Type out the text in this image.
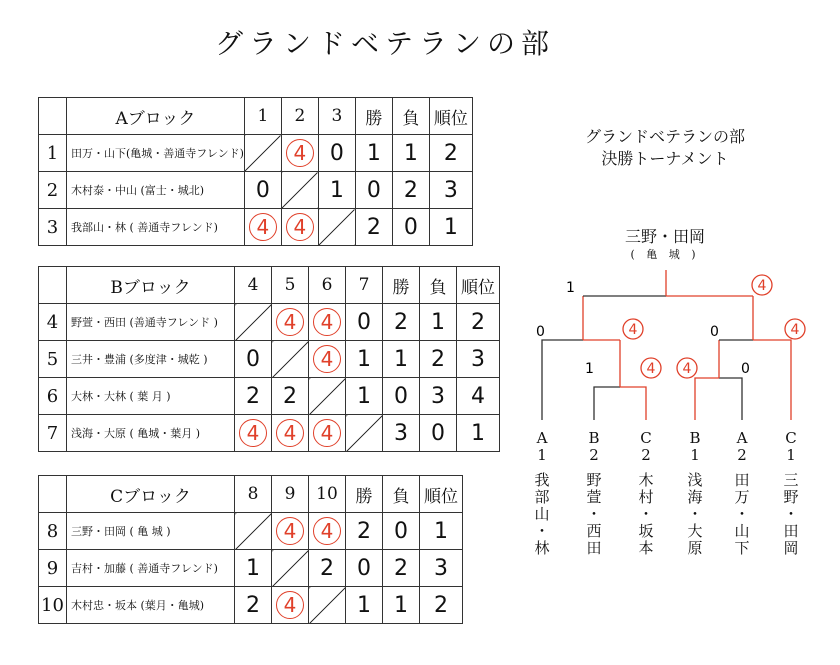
グランドベテランの部
	Aブロック	1	2	3	勝	負	順位
1	田万・山下(亀城・善通寺フレンド)		4	0	1	1	2
2	木村泰・中山 (富士・城北)	0		1	0	2	3
3	我部山・林 ( 善通寺フレンド)	4	4		2	0	1
	Bブロック	4	5	6	7	勝	負	順位
4	野萱・西田 (善通寺フレンド )		4	4	0	2	1	2
5	三井・豊浦 (多度津・城乾 )	0		4	1	1	2	3
6	大林・大林 ( 葉 月 )	2	2		1	0	3	4
7	浅海・大原 ( 亀城・葉月 )	4	4	4		3	0	1
	Cブロック	8	9	10	勝	負	順位
8	三野・田岡 ( 亀 城 )		4	4	2	0	1
9	吉村・加藤 ( 善通寺フレンド)	1		2	0	2	3
10	木村忠・坂本 (葉月・亀城)	2	4		1	1	2
グランドベテランの部
決勝トーナメント
三野・田岡
( 亀 城 )
1	4
0	4	0	4
1	4 4	0
A
1
我
部
山
・
林
B
2
野
萱
・
西
田
C
2
木
村
・
坂
本
B
1
浅
海
・
大
原
A
2
田
万
・
山
下
C
1
三
野
・
田
岡
